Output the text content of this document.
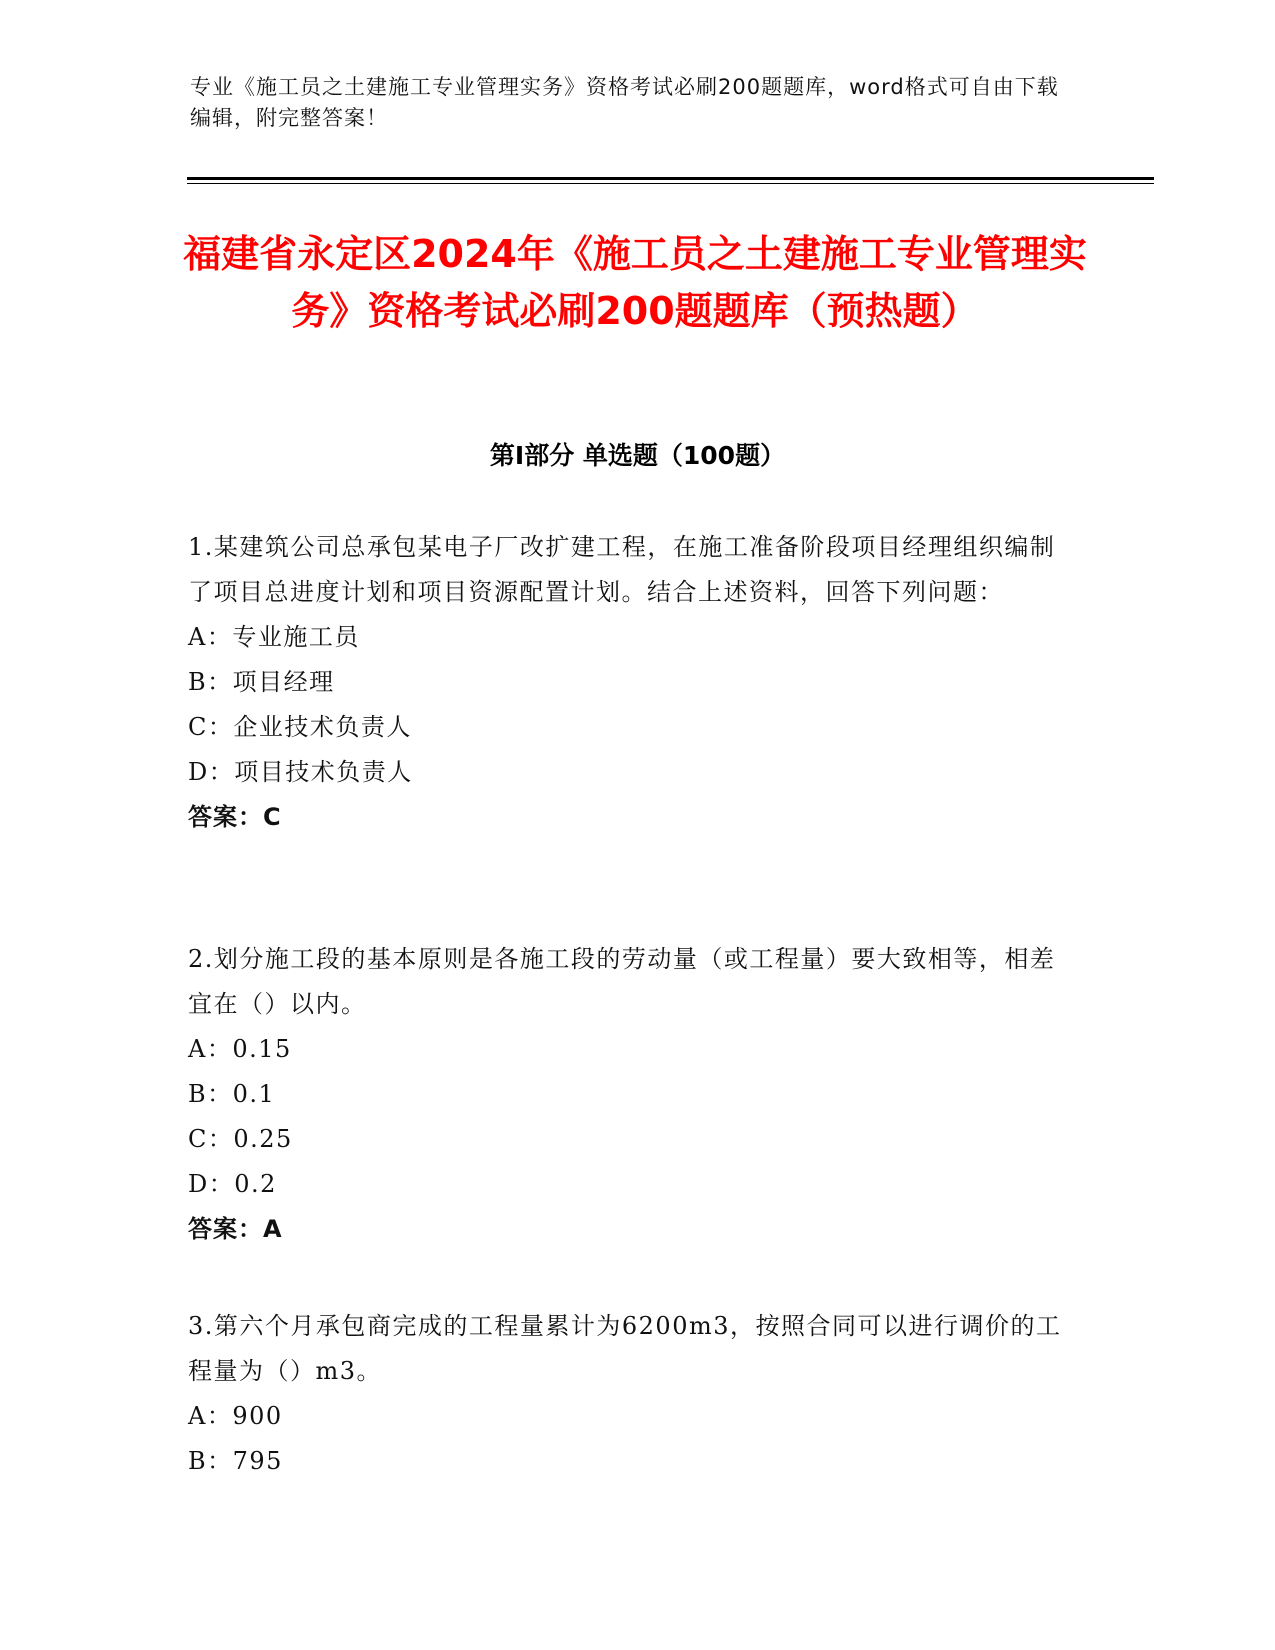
专业《施工员之土建施工专业管理实务》资格考试必刷200题题库，word格式可自由下载编辑，附完整答案！
福建省永定区2024年《施工员之土建施工专业管理实务》资格考试必刷200题题库（预热题）
第Ⅰ部分 单选题（100题）
1.某建筑公司总承包某电子厂改扩建工程，在施工准备阶段项目经理组织编制了项目总进度计划和项目资源配置计划。结合上述资料，回答下列问题：
A：专业施工员
B：项目经理
C：企业技术负责人
D：项目技术负责人
答案：C
2.划分施工段的基本原则是各施工段的劳动量（或工程量）要大致相等，相差宜在（）以内。
A：0.15
B：0.1
C：0.25
D：0.2
答案：A
3.第六个月承包商完成的工程量累计为6200m3，按照合同可以进行调价的工程量为（）m3。
A：900
B：795
